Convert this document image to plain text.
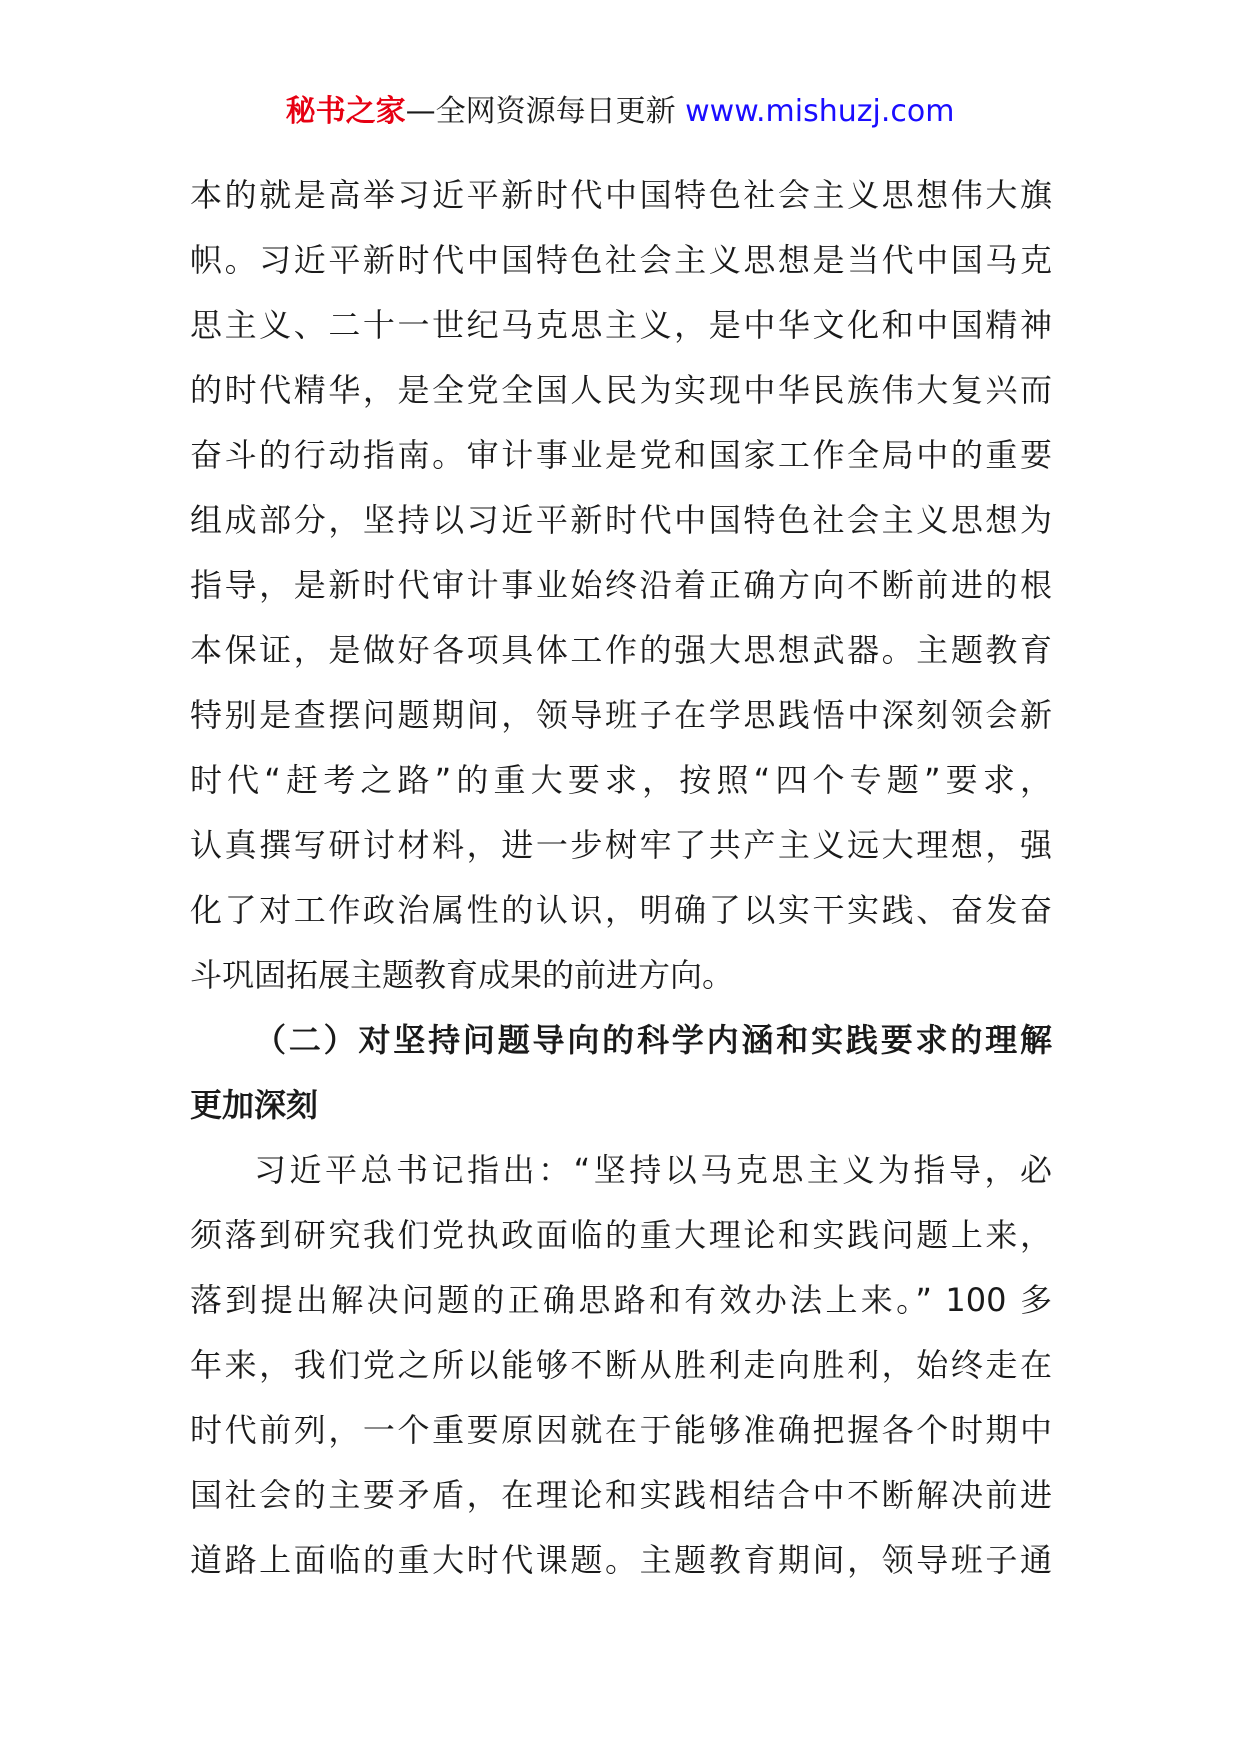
秘书之家—全网资源每日更新 www.mishuzj.com
本的就是高举习近平新时代中国特色社会主义思想伟大旗
帜。习近平新时代中国特色社会主义思想是当代中国马克
思主义、二十一世纪马克思主义，是中华文化和中国精神
的时代精华，是全党全国人民为实现中华民族伟大复兴而
奋斗的行动指南。审计事业是党和国家工作全局中的重要
组成部分，坚持以习近平新时代中国特色社会主义思想为
指导，是新时代审计事业始终沿着正确方向不断前进的根
本保证，是做好各项具体工作的强大思想武器。主题教育
特别是查摆问题期间，领导班子在学思践悟中深刻领会新
时代“赶考之路”的重大要求，按照“四个专题”要求，
认真撰写研讨材料，进一步树牢了共产主义远大理想，强
化了对工作政治属性的认识，明确了以实干实践、奋发奋
斗巩固拓展主题教育成果的前进方向。
（二）对坚持问题导向的科学内涵和实践要求的理解
更加深刻
习近平总书记指出：“坚持以马克思主义为指导，必
须落到研究我们党执政面临的重大理论和实践问题上来，
落到提出解决问题的正确思路和有效办法上来。” 100 多
年来，我们党之所以能够不断从胜利走向胜利，始终走在
时代前列，一个重要原因就在于能够准确把握各个时期中
国社会的主要矛盾，在理论和实践相结合中不断解决前进
道路上面临的重大时代课题。主题教育期间，领导班子通
